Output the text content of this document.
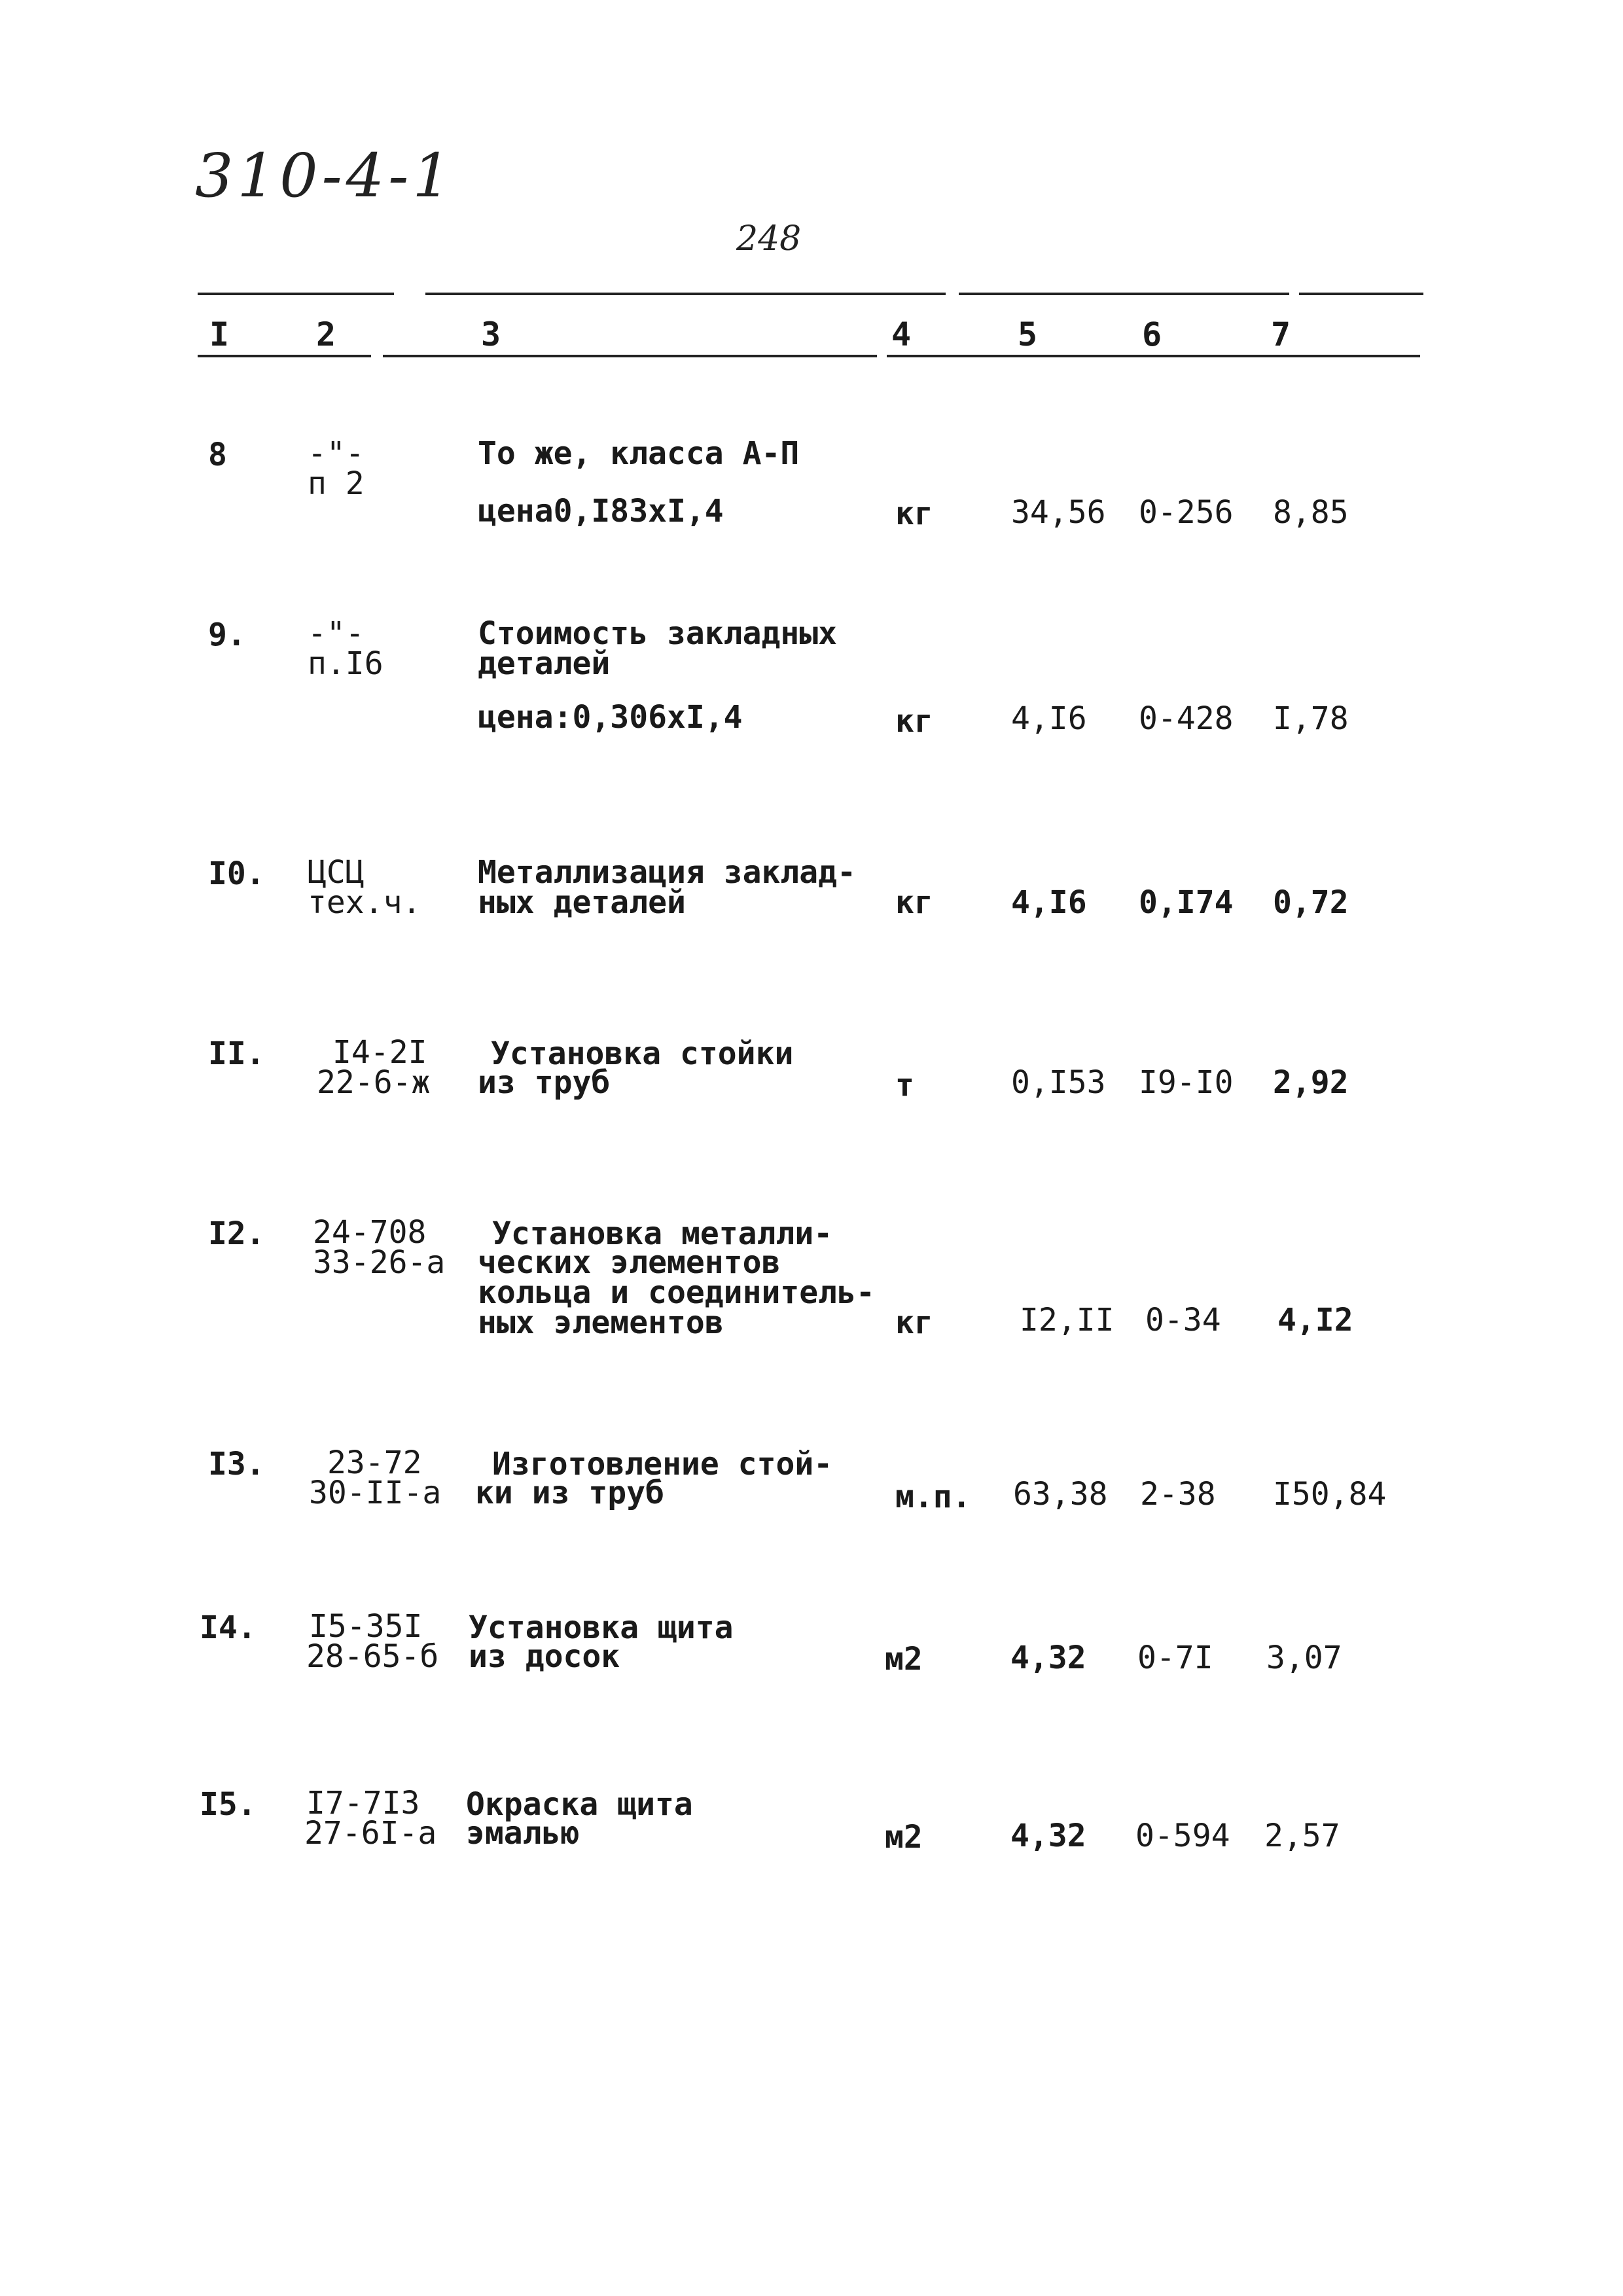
310-4-1
248
I	2	3	4	5	6	7
8	-"-
п 2
То же, класса А-П
цена0,I83xI,4	кг 34,56 0-256 8,85
9. -"-
п.I6
Стоимость закладных
деталей
цена:0,306xI,4	кг 4,I6 0-428 I,78
I0. ЦСЦ
тех.ч.
Металлизация заклад-
ных деталей	кг 4,I6 0,I74 0,72
II. I4-2I
22-6-ж
Установка стойки
из труб	т	0,I53 I9-I0 2,92
I2. 24-708
33-26-а
Установка металли-
ческих элементов
кольца и соединитель-
ных элементов	кг	I2,II 0-34 4,I2
I3. 23-72
30-II-а
Изготовление стой-
ки из труб	м.п. 63,38 2-38 I50,84
I4. I5-35I
28-65-б
Установка щита
из досок	м2	4,32 0-7I 3,07
I5. I7-7I3
27-6I-а
Окраска щита
эмалью	м2	4,32 0-594 2,57
